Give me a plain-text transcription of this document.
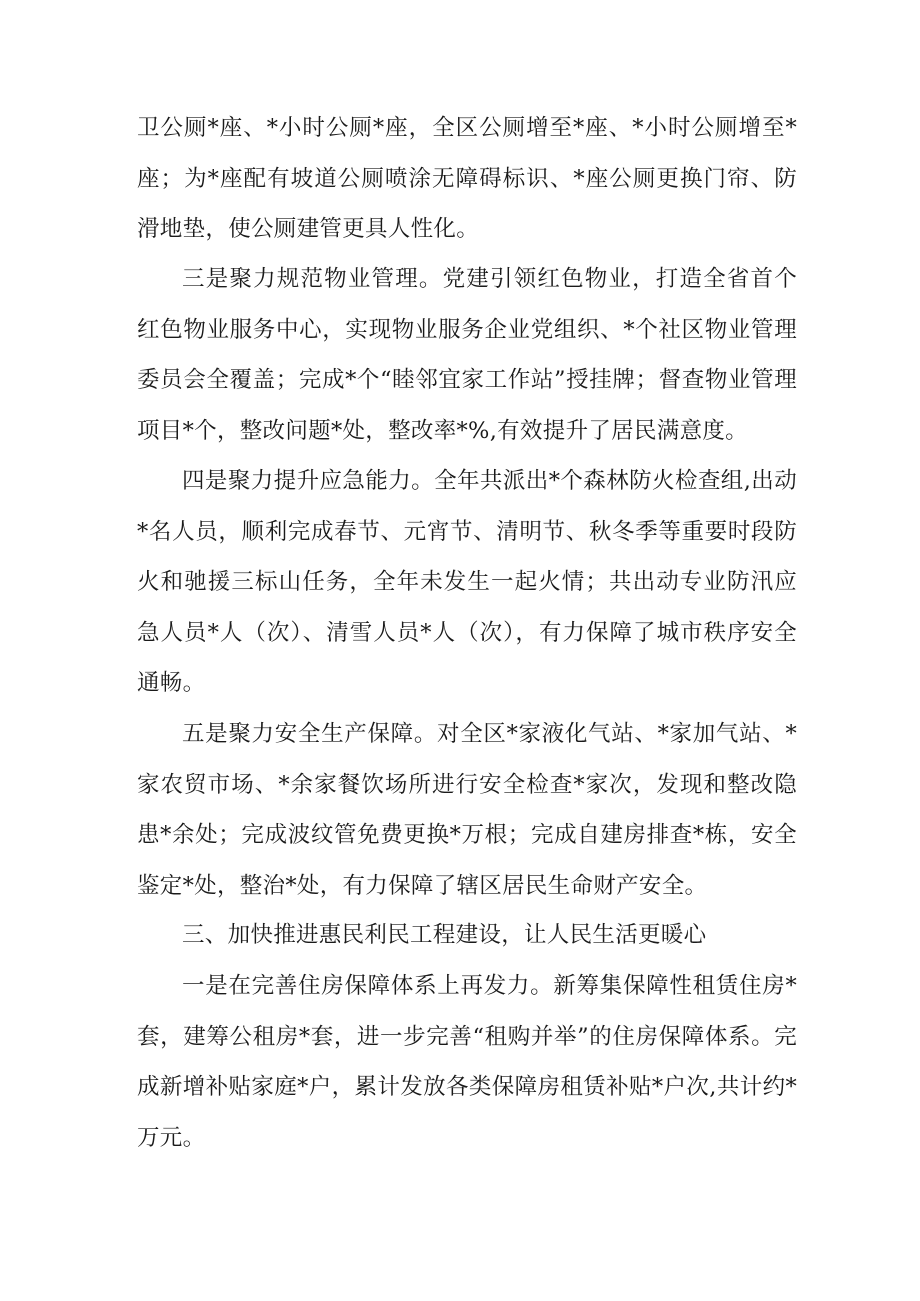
卫公厕*座、*小时公厕*座，全区公厕增至*座、*小时公厕增至*座；为*座配有坡道公厕喷涂无障碍标识、*座公厕更换门帘、防滑地垫，使公厕建管更具人性化。

三是聚力规范物业管理。党建引领红色物业，打造全省首个红色物业服务中心，实现物业服务企业党组织、*个社区物业管理委员会全覆盖；完成*个“睦邻宜家工作站”授挂牌；督查物业管理项目*个，整改问题*处，整改率*%,有效提升了居民满意度。

四是聚力提升应急能力。全年共派出*个森林防火检查组,出动*名人员，顺利完成春节、元宵节、清明节、秋冬季等重要时段防火和驰援三标山任务，全年未发生一起火情；共出动专业防汛应急人员*人（次）、清雪人员*人（次），有力保障了城市秩序安全通畅。

五是聚力安全生产保障。对全区*家液化气站、*家加气站、*家农贸市场、*余家餐饮场所进行安全检查*家次，发现和整改隐患*余处；完成波纹管免费更换*万根；完成自建房排查*栋，安全鉴定*处，整治*处，有力保障了辖区居民生命财产安全。

三、加快推进惠民利民工程建设，让人民生活更暖心

一是在完善住房保障体系上再发力。新筹集保障性租赁住房*套，建筹公租房*套，进一步完善“租购并举”的住房保障体系。完成新增补贴家庭*户，累计发放各类保障房租赁补贴*户次,共计约*万元。
